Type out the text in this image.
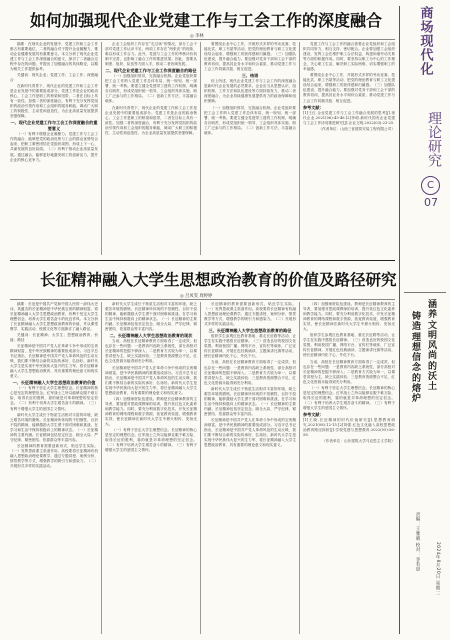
如何加强现代企业党建工作与工会工作的深度融合
◎ 李林

摘要：在现代企业的发展中，党建工作和工会工作都占有重要地位，二者的融合对于提升企业凝聚力、推动企业健康发展具有重要意义。本文分析了现代企业党建工作与工会工作深度融合的意义，探讨了二者融合过程中存在的问题，并提出了加强融合的具体路径，以期为相关工作提供参考。

关键词：现代企业；党建工作；工会工作；深度融合

在新时代背景下，现代企业的党建工作和工会工作是企业发展中的重要组成部分。党建工作是企业的政治核心，工会工作是职工的桥梁和纽带，二者在目标上具有一致性。加强二者的深度融合，有利于充分发挥党组织的政治引领作用和工会组织的服务职能，调动广大职工的积极性、主动性和创造性，为企业高质量发展提供坚强保障。

一、现代企业党建工作与工会工作深度融合的重要意义

（一）有利于增强企业凝聚力。党建工作与工会工作的融合，能够把党的政治优势与工会的群众优势结合起来，把职工紧密团结在党组织周围，形成上下一心、共谋发展的良好局面。（二）有利于推动企业高质量发展。通过融合，能够更好地激发职工的创新活力，提升企业的核心竞争力。

企业工会组织工作存在“走过场”的情况，部分工会干部对党建工作认识不足，两项工作存在“两张皮”的现象，难以形成工作合力。此外，党建与工会工作的考核评价机制不完善，也影响了融合工作的推进效果。因此，需要从制度、组织、队伍等方面入手，推动二者协调发展。

二、现代企业党建工作与工会工作深度融合的路径

（一）加强组织领导，完善融合机制。企业党组织要把工会工作纳入党建工作总体布局，统一规划、统一部署、统一考核。要建立健全党建带工建的工作机制，明确各自职责，形成党组织统一领导、工会组织具体实施、职工广泛参与的工作格局。（二）创新工作方法，丰富融合载体。

在新时代背景下，现代企业的党建工作和工会工作是企业发展中的重要组成部分。党建工作是企业的政治核心，工会工作是职工的桥梁和纽带，二者在目标上具有一致性。加强二者的深度融合，有利于充分发挥党组织的政治引领作用和工会组织的服务职能，调动广大职工的积极性、主动性和创造性，为企业高质量发展提供坚强保障。

要围绕企业中心工作，开展形式多样的劳动竞赛、技能比武、职工书屋等活动，把党的理论教育与职工文化建设结合起来，增强职工的获得感和归属感。（三）加强队伍建设，提升融合能力。要加强对党务干部和工会干部的教育培训，提高其业务水平和综合素质，推动党建工作与工会工作同频共振、相互促进。

三、结语

综上所述，现代企业党建工作与工会工作的深度融合是新时代企业发展的必然要求。企业应当从思想认识、组织机制、工作方法和队伍建设等方面持续发力，推动二者深度融合，为企业持续健康发展提供有力的政治保障和组织保障。

（一）加强组织领导，完善融合机制。企业党组织要把工会工作纳入党建工作总体布局，统一规划、统一部署、统一考核。要建立健全党建带工建的工作机制，明确各自职责，形成党组织统一领导、工会组织具体实施、职工广泛参与的工作格局。（二）创新工作方法，丰富融合载体。

党建工作与工会工作的融合需要企业党组织和工会组织共同努力，相互支持、密切配合。企业要加强工会组织建设，发挥工会在维护职工合法权益、构建和谐劳动关系等方面的积极作用。同时，要坚持以职工为中心的工作理念，关心职工生活，解决职工实际困难，切实增强职工的幸福感。

要围绕企业中心工作，开展形式多样的劳动竞赛、技能比武、职工书屋等活动，把党的理论教育与职工文化建设结合起来，增强职工的获得感和归属感。（三）加强队伍建设，提升融合能力。要加强对党务干部和工会干部的教育培训，提高其业务水平和综合素质，推动党建工作与工会工作同频共振、相互促进。

参考文献：

[1]王红.企业党建工作与工会工作融合发展的思考[J].现代企业,2021(06):45-46.[2]李明.新时代国有企业党建与工会工作协同推进研究[J].企业文明,2022(03):23-25.

（作者单位：山西三晋建筑安装工程有限公司）

长征精神融入大学生思想政治教育的价值及路径研究
◎ 吕凤雯 周婷婷

摘要：长征是中国共产党和中国人民的一部伟大史诗，其蕴含的长征精神是中华民族宝贵的精神财富。将长征精神融入大学生思想政治教育，有利于坚定大学生理想信念、培养大学生艰苦奋斗的优良作风。本文分析了长征精神融入大学生思想政治教育的价值，并从课堂教学、实践活动、校园文化等方面探讨了融入路径。

关键词：长征精神；大学生；思想政治教育；价值；路径

长征精神是中国共产党人在革命斗争中形成的宝贵精神财富，是中华民族精神的重要组成部分。习近平总书记指出，长征精神是中国共产党人革命风范的生动反映，我们要不断结合新的实际传承好、弘扬好。新时代大学生是实现中华民族伟大复兴的生力军，将长征精神融入大学生思想政治教育，具有重要的理论意义和现实意义。

一、长征精神融入大学生思想政治教育的价值

（一）有利于坚定大学生理想信念。长征精神的核心是坚定的理想信念。红军战士之所以能够克服千难万险，取得长征的胜利，靠的就是对革命理想的坚定信念。（二）有利于培养大学生艰苦奋斗的精神。（三）有利于增强大学生的爱国主义情怀。

新时代大学生成长于物质生活相对丰富的环境，缺乏艰苦环境的磨炼。长征精神所体现的不怕牺牲、百折不挠的精神，能够激励大学生勇于面对困难和挑战，在学习和生活中保持积极向上的精神状态。（一）长征精神的主要内涵。长征精神包括坚定信念、顾全大局、严守纪律、紧密团结、依靠群众等丰富内容。

长征精神的教育需要创新形式，贴近学生实际。（一）发挥思政课主渠道作用。高校要将长征精神有机融入思想政治理论课教学，通过专题讲授、案例分析、情景教学等方式，增强教学的吸引力和感染力。（二）开展形式多样的实践活动。

新时代大学生成长于物质生活相对丰富的环境，缺乏艰苦环境的磨炼。长征精神所体现的不怕牺牲、百折不挠的精神，能够激励大学生勇于面对困难和挑战，在学习和生活中保持积极向上的精神状态。（一）长征精神的主要内涵。长征精神包括坚定信念、顾全大局、严守纪律、紧密团结、依靠群众等丰富内容。

二、长征精神融入大学生思想政治教育的现状

当前，高校在长征精神教育方面取得了一定成效，但也存在一些问题：一是教育内容缺乏系统性，部分高校对长征精神的挖掘不够深入；二是教育方式较为单一，以课堂讲授为主，缺乏实践体验；三是教育资源整合不足，红色文化资源未能得到充分利用。

长征精神是中国共产党人在革命斗争中形成的宝贵精神财富，是中华民族精神的重要组成部分。习近平总书记指出，长征精神是中国共产党人革命风范的生动反映，我们要不断结合新的实际传承好、弘扬好。新时代大学生是实现中华民族伟大复兴的生力军，将长征精神融入大学生思想政治教育，具有重要的理论意义和现实意义。

（四）加强师资队伍建设。教师是长征精神教育的主导者，要加强对思政课教师的培训，提升其红色文化素养和教学能力。同时，要充分利用数字化技术，开发长征精神教育的网络课程和数字资源，拓宽教育渠道，增强教育实效，使长征精神在新时代大学生中薪火相传、发扬光大。

（一）有利于坚定大学生理想信念。长征精神的核心是坚定的理想信念。红军战士之所以能够克服千难万险，取得长征的胜利，靠的就是对革命理想的坚定信念。（二）有利于培养大学生艰苦奋斗的精神。（三）有利于增强大学生的爱国主义情怀。

长征精神的教育需要创新形式，贴近学生实际。（一）发挥思政课主渠道作用。高校要将长征精神有机融入思想政治理论课教学，通过专题讲授、案例分析、情景教学等方式，增强教学的吸引力和感染力。（二）开展形式多样的实践活动。

三、长征精神融入大学生思想政治教育的路径

组织学生参观红色教育基地、重走长征路等活动，让学生在实践中感悟长征精神。（三）营造良好的校园文化氛围。利用校园广播、网络平台、宣传栏等载体，广泛宣传长征精神，开展红色经典诵读、主题演讲比赛等活动，使长征精神内化于心、外化于行。

当前，高校在长征精神教育方面取得了一定成效，但也存在一些问题：一是教育内容缺乏系统性，部分高校对长征精神的挖掘不够深入；二是教育方式较为单一，以课堂讲授为主，缺乏实践体验；三是教育资源整合不足，红色文化资源未能得到充分利用。

新时代大学生成长于物质生活相对丰富的环境，缺乏艰苦环境的磨炼。长征精神所体现的不怕牺牲、百折不挠的精神，能够激励大学生勇于面对困难和挑战，在学习和生活中保持积极向上的精神状态。（一）长征精神的主要内涵。长征精神包括坚定信念、顾全大局、严守纪律、紧密团结、依靠群众等丰富内容。

长征精神是中国共产党人在革命斗争中形成的宝贵精神财富，是中华民族精神的重要组成部分。习近平总书记指出，长征精神是中国共产党人革命风范的生动反映，我们要不断结合新的实际传承好、弘扬好。新时代大学生是实现中华民族伟大复兴的生力军，将长征精神融入大学生思想政治教育，具有重要的理论意义和现实意义。

（四）加强师资队伍建设。教师是长征精神教育的主导者，要加强对思政课教师的培训，提升其红色文化素养和教学能力。同时，要充分利用数字化技术，开发长征精神教育的网络课程和数字资源，拓宽教育渠道，增强教育实效，使长征精神在新时代大学生中薪火相传、发扬光大。

组织学生参观红色教育基地、重走长征路等活动，让学生在实践中感悟长征精神。（三）营造良好的校园文化氛围。利用校园广播、网络平台、宣传栏等载体，广泛宣传长征精神，开展红色经典诵读、主题演讲比赛等活动，使长征精神内化于心、外化于行。

当前，高校在长征精神教育方面取得了一定成效，但也存在一些问题：一是教育内容缺乏系统性，部分高校对长征精神的挖掘不够深入；二是教育方式较为单一，以课堂讲授为主，缺乏实践体验；三是教育资源整合不足，红色文化资源未能得到充分利用。

（一）有利于坚定大学生理想信念。长征精神的核心是坚定的理想信念。红军战士之所以能够克服千难万险，取得长征的胜利，靠的就是对革命理想的坚定信念。（二）有利于培养大学生艰苦奋斗的精神。（三）有利于增强大学生的爱国主义情怀。

参考文献：

[1]王晓.长征精神的时代价值研究[J].思想教育研究,2021(08):12-15.[2]刘强.红色文化融入高校思想政治教育路径探析[J].学校党建与思想教育,2022(05):56-58.

（作者单位：山东建筑大学马克思主义学院）

商场现代化
理论研究
C
07
铸造理想信念的熔炉
涵养文明风尚的沃土
责编：王雅晴 校对：李若晨	2024年8月20日 星期二
